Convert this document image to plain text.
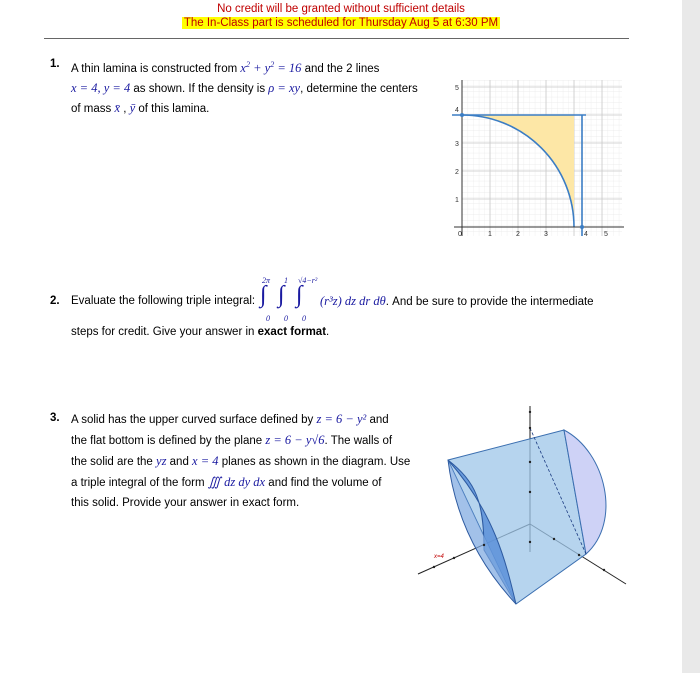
No credit will be granted without sufficient details
The In-Class part is scheduled for Thursday Aug 5 at 6:30 PM
1. A thin lamina is constructed from $x^2 + y^2 = 16$ and the 2 lines
x = 4, y = 4 as shown. If the density is ρ = xy, determine the centers
of mass x̄ , ȳ of this lamina.
0	1	2	3	4 5
1
2
3
4
5
2. Evaluate the following triple integral:
2π 1 √4−r²
∫ ∫ ∫
0 0 0
(r³z) dz dr dθ. And be sure to provide the intermediate
steps for credit. Give your answer in exact format.
3. A solid has the upper curved surface defined by z = 6 − y² and
the flat bottom is defined by the plane z = 6 − y√6. The walls of
the solid are the yz and x = 4 planes as shown in the diagram. Use
a triple integral of the form ∭ dz dy dx and find the volume of
this solid. Provide your answer in exact form.
x=4
